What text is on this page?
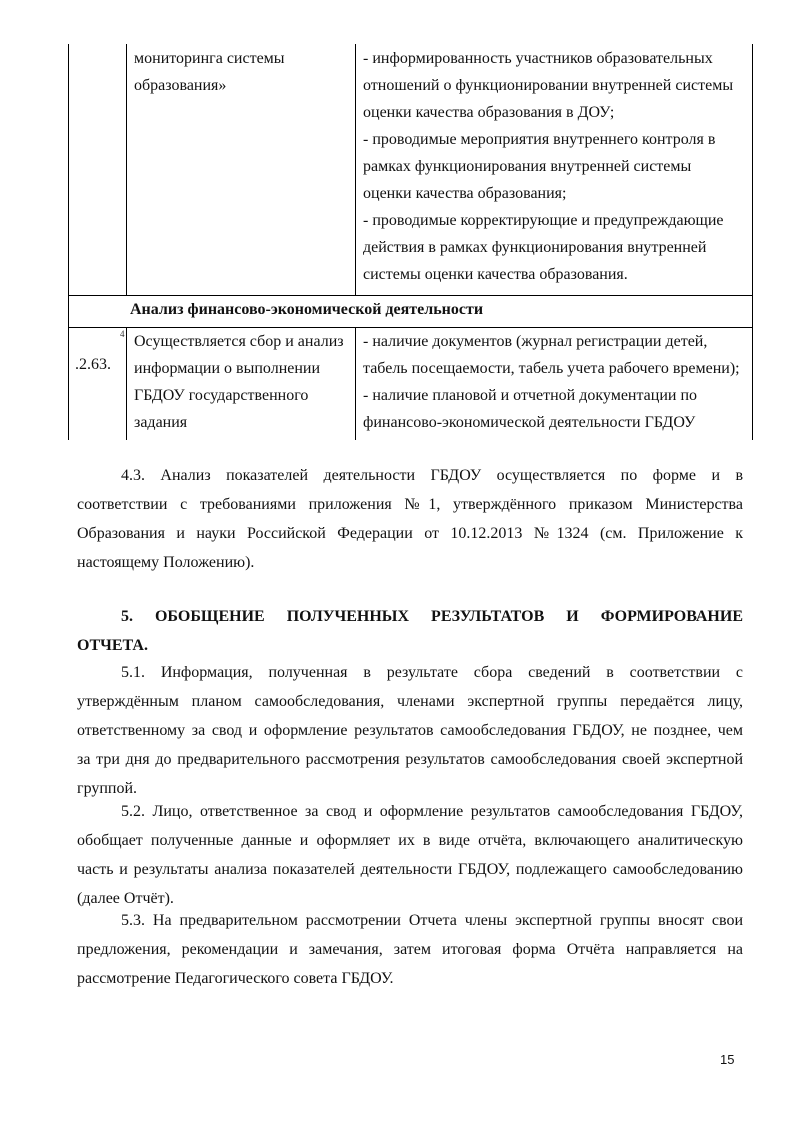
мониторинга системы
образования»
- информированность участников образовательных
отношений о функционировании внутренней системы
оценки качества образования в ДОУ;
- проводимые мероприятия внутреннего контроля в
рамках функционирования внутренней системы
оценки качества образования;
- проводимые корректирующие и предупреждающие
действия в рамках функционирования внутренней
системы оценки качества образования.
Анализ финансово-экономической деятельности
4
.2.63.
Осуществляется сбор и анализ
информации о выполнении
ГБДОУ государственного
задания
- наличие документов (журнал регистрации детей,
табель посещаемости, табель учета рабочего времени);
- наличие плановой и отчетной документации по
финансово-экономической деятельности ГБДОУ
4.3. Анализ показателей деятельности ГБДОУ осуществляется по форме и в
соответствии с требованиями приложения №1, утверждённого приказом Министерства
Образования и науки Российской Федерации от 10.12.2013 №1324 (см. Приложение к
настоящему Положению).
5. ОБОБЩЕНИЕ ПОЛУЧЕННЫХ РЕЗУЛЬТАТОВ И ФОРМИРОВАНИЕ
ОТЧЕТА.
5.1. Информация, полученная в результате сбора сведений в соответствии с
утверждённым планом самообследования, членами экспертной группы передаётся лицу,
ответственному за свод и оформление результатов самообследования ГБДОУ, не позднее, чем
за три дня до предварительного рассмотрения результатов самообследования своей экспертной
группой.
5.2. Лицо, ответственное за свод и оформление результатов самообследования ГБДОУ,
обобщает полученные данные и оформляет их в виде отчёта, включающего аналитическую
часть и результаты анализа показателей деятельности ГБДОУ, подлежащего самообследованию
(далее Отчёт).
5.3. На предварительном рассмотрении Отчета члены экспертной группы вносят свои
предложения, рекомендации и замечания, затем итоговая форма Отчёта направляется на
рассмотрение Педагогического совета ГБДОУ.
15
